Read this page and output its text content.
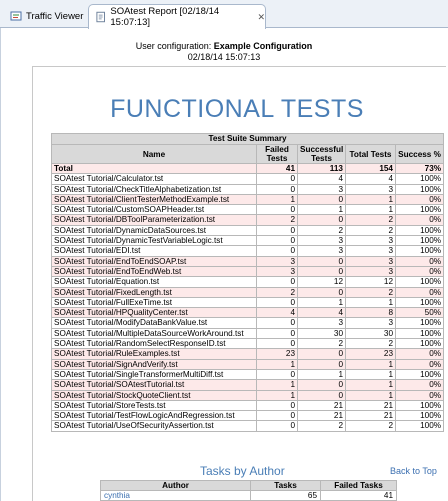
Traffic Viewer	SOAtest Report [02/18/14 15:07:13]
✕
User configuration: Example Configuration
02/18/14 15:07:13
FUNCTIONAL TESTS
Test Suite Summary				
Name	Failed Tests	Successful Tests	Total Tests	Success %
Total	41	113	154	73%
SOAtest Tutorial/Calculator.tst	0	4	4	100%
SOAtest Tutorial/CheckTitleAlphabetization.tst	0	3	3	100%
SOAtest Tutorial/ClientTesterMethodExample.tst	1	0	1	0%
SOAtest Tutorial/CustomSOAPHeader.tst	0	1	1	100%
SOAtest Tutorial/DBToolParameterization.tst	2	0	2	0%
SOAtest Tutorial/DynamicDataSources.tst	0	2	2	100%
SOAtest Tutorial/DynamicTestVariableLogic.tst	0	3	3	100%
SOAtest Tutorial/EDI.tst	0	3	3	100%
SOAtest Tutorial/EndToEndSOAP.tst	3	0	3	0%
SOAtest Tutorial/EndToEndWeb.tst	3	0	3	0%
SOAtest Tutorial/Equation.tst	0	12	12	100%
SOAtest Tutorial/FixedLength.tst	2	0	2	0%
SOAtest Tutorial/FullExeTime.tst	0	1	1	100%
SOAtest Tutorial/HPQualityCenter.tst	4	4	8	50%
SOAtest Tutorial/ModifyDataBankValue.tst	0	3	3	100%
SOAtest Tutorial/MultipleDataSourceWorkAround.tst	0	30	30	100%
SOAtest Tutorial/RandomSelectResponseID.tst	0	2	2	100%
SOAtest Tutorial/RuleExamples.tst	23	0	23	0%
SOAtest Tutorial/SignAndVerify.tst	1	0	1	0%
SOAtest Tutorial/SingleTransformerMultiDiff.tst	0	1	1	100%
SOAtest Tutorial/SOAtestTutorial.tst	1	0	1	0%
SOAtest Tutorial/StockQuoteClient.tst	1	0	1	0%
SOAtest Tutorial/StoreTests.tst	0	21	21	100%
SOAtest Tutorial/TestFlowLogicAndRegression.tst	0	21	21	100%
SOAtest Tutorial/UseOfSecurityAssertion.tst	0	2	2	100%
Tasks by Author	Back to Top
Author	Tasks	Failed Tasks
cynthia	65	41
